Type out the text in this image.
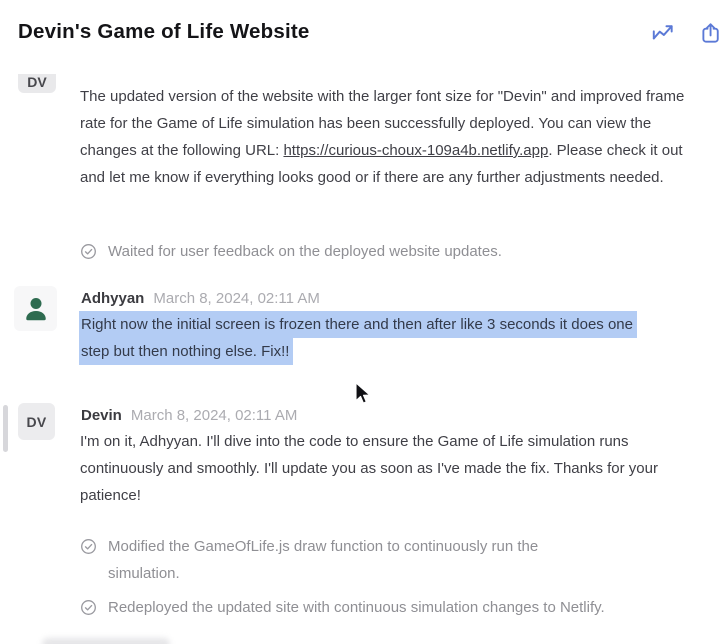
Devin's Game of Life Website
DV
The updated version of the website with the larger font size for "Devin" and improved frame rate for the Game of Life simulation has been successfully deployed. You can view the changes at the following URL: https://curious-choux-109a4b.netlify.app. Please check it out and let me know if everything looks good or if there are any further adjustments needed.
Waited for user feedback on the deployed website updates.
Adhyyan March 8, 2024, 02:11 AM
Right now the initial screen is frozen there and then after like 3 seconds it does one
step but then nothing else. Fix!!
DV Devin March 8, 2024, 02:11 AM
I'm on it, Adhyyan. I'll dive into the code to ensure the Game of Life simulation runs continuously and smoothly. I'll update you as soon as I've made the fix. Thanks for your patience!
Modified the GameOfLife.js draw function to continuously run the
simulation.
Redeployed the updated site with continuous simulation changes to Netlify.
